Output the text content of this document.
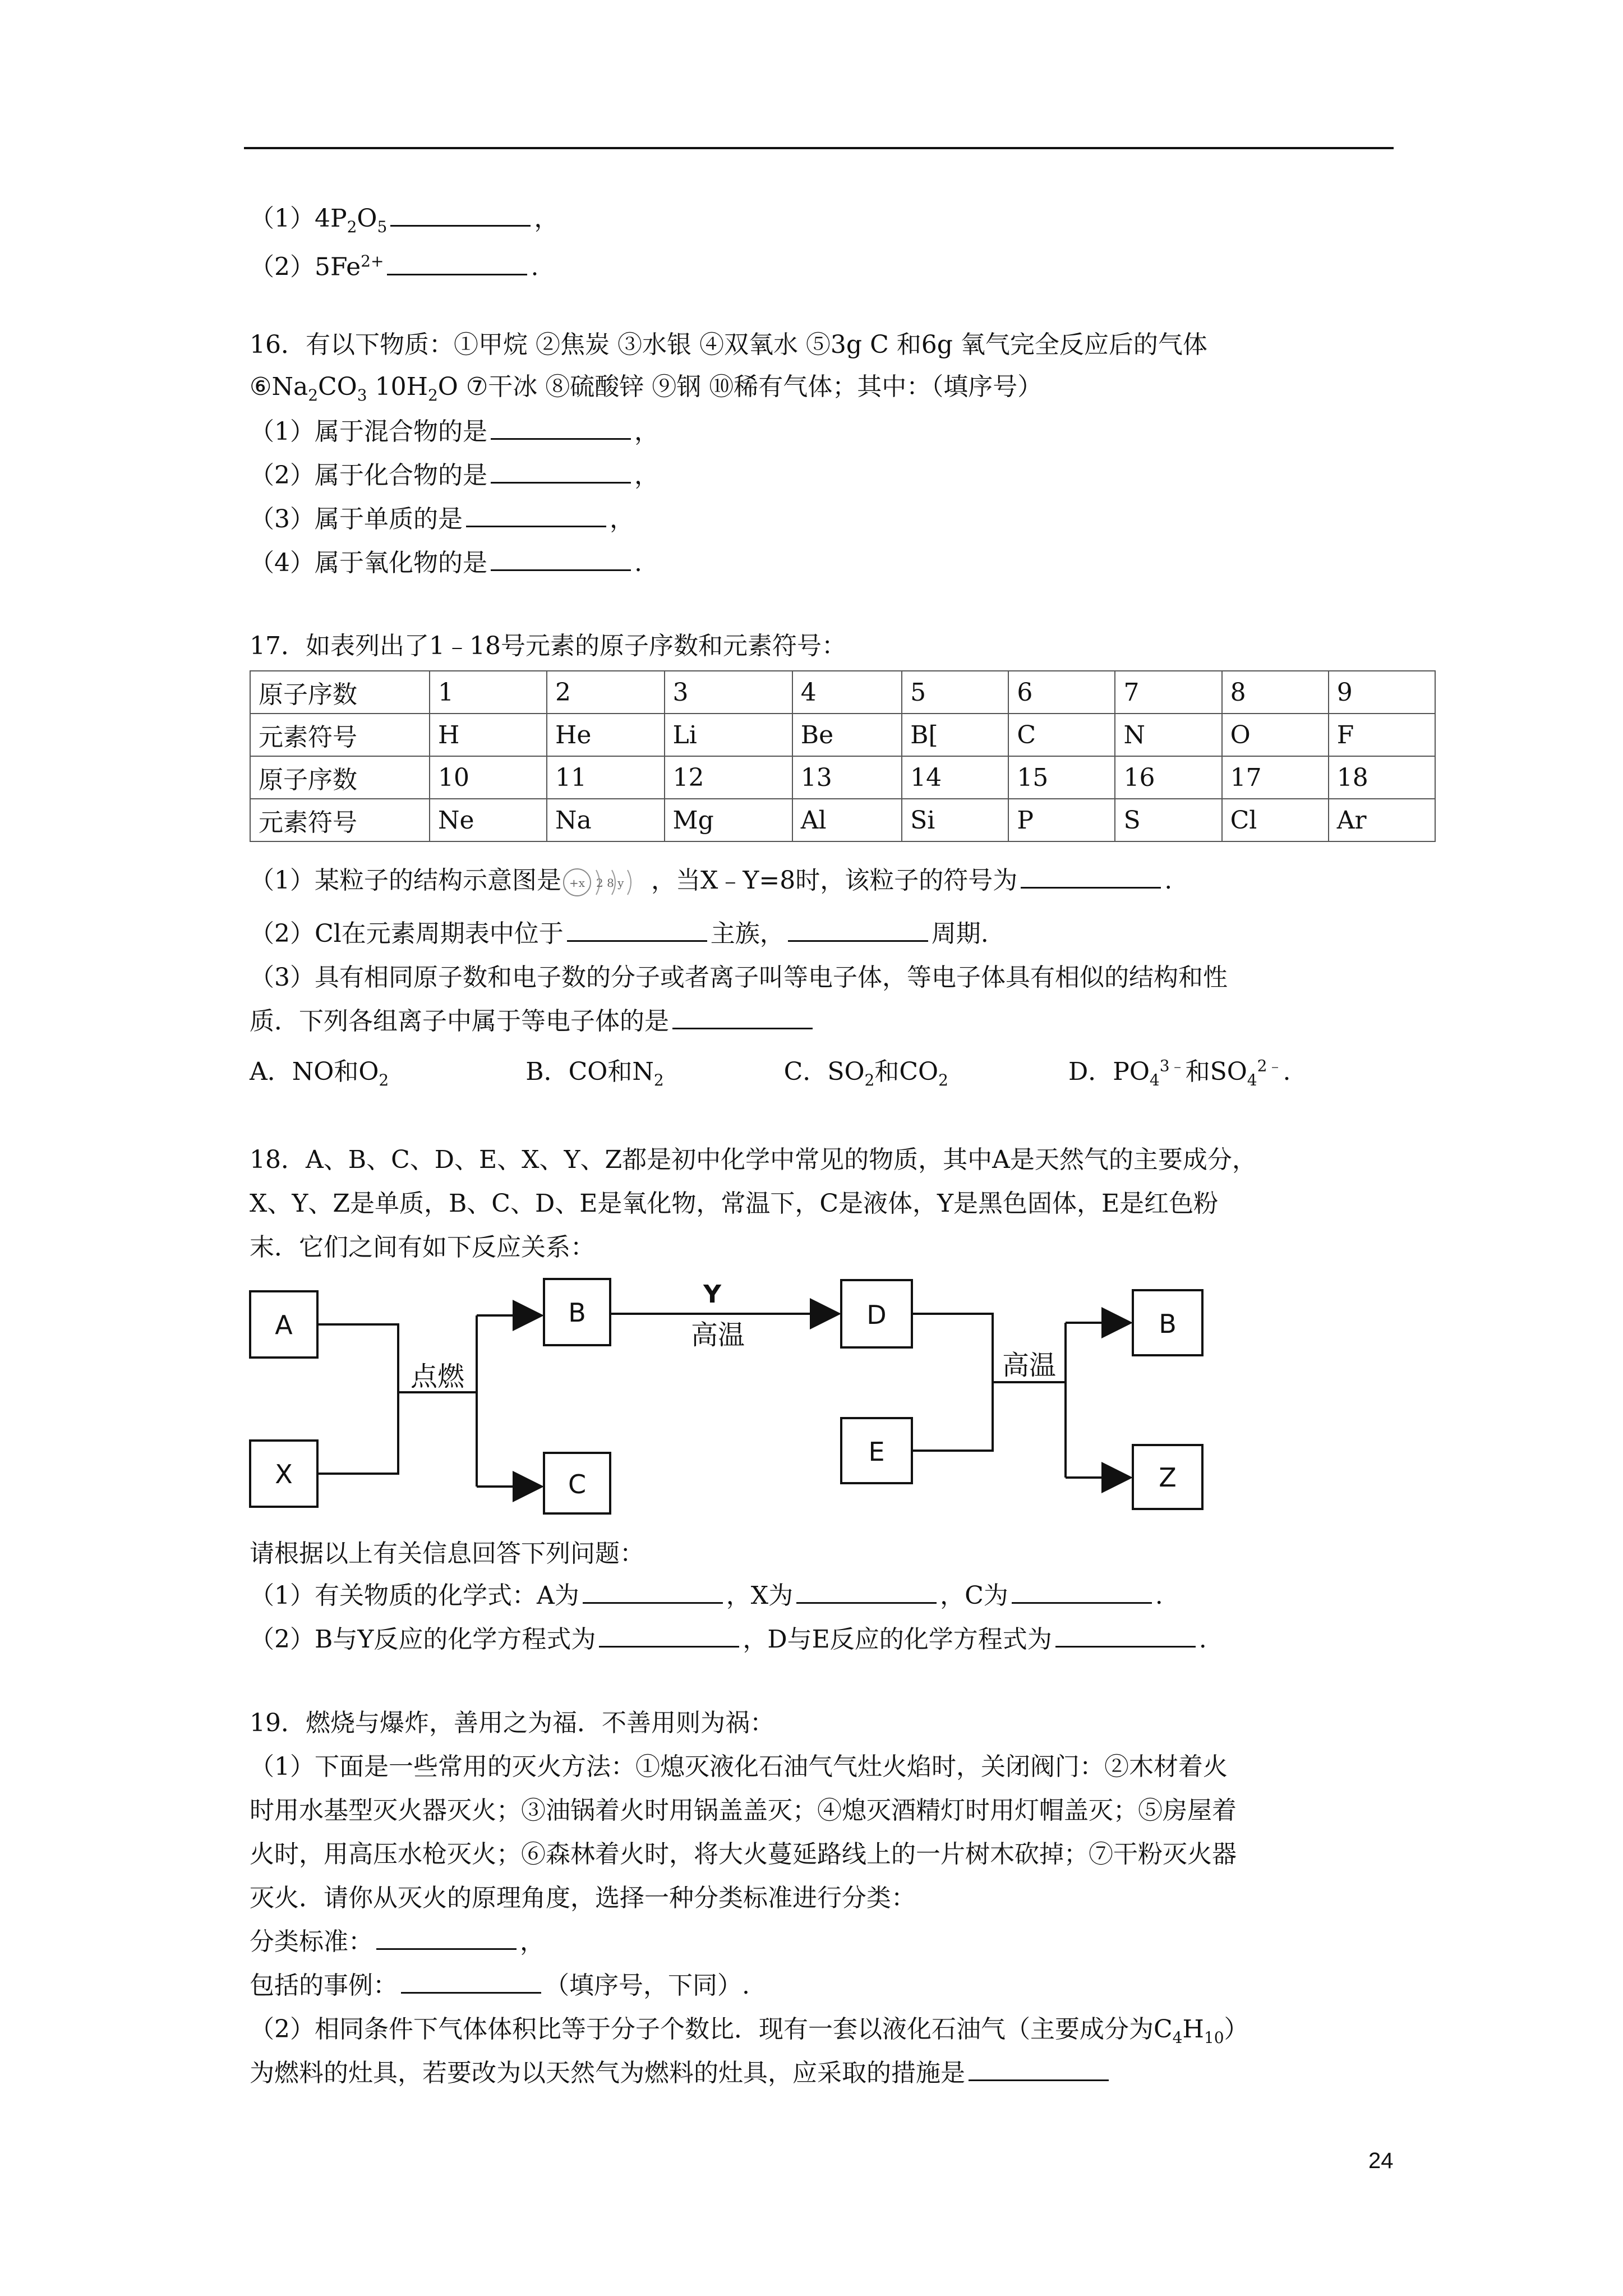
$(1)4P_2O_5$	，
$(2)5Fe^{2+}$	.
16．有以下物质：①甲烷 ②焦炭 ③水银 ④双氧水 ⑤3g C 和6g 氧气完全反应后的气体
$⑥Na_2CO_3$ $10H_2O$ ⑦干冰 ⑧硫酸锌 ⑨钢 ⑩稀有气体；其中：（填序号）
（1）属于混合物的是	，
（2）属于化合物的是	，
（3）属于单质的是	，
（4）属于氧化物的是	.
17．如表列出了1﹣18号元素的原子序数和元素符号：
原子序数	1	2	3	4	5	6	7	8	9
元素符号	H	He	Li	Be	B[	C	N	O	F
原子序数	10	11	12	13	14	15	16	17	18
元素符号	Ne	Na	Mg	Al	Si	P	S	Cl	Ar
（1）某粒子的结构示意图是 +x 2 8 y ，当X﹣Y=8时，该粒子的符号为	.
（2）Cl在元素周期表中位于	主族，	周期.
（3）具有相同原子数和电子数的分子或者离子叫等电子体，等电子体具有相似的结构和性
质．下列各组离子中属于等电子体的是
A．NO和$O_2$	B．CO和$N_2$	C．$SO_2$和$CO_2$	D．$PO_4^{3﹣}$和$SO_4^{2﹣}$.
18．A、B、C、D、E、X、Y、Z都是初中化学中常见的物质，其中A是天然气的主要成分，
X、Y、Z是单质，B、C、D、E是氧化物，常温下，C是液体，Y是黑色固体，E是红色粉
末．它们之间有如下反应关系：
A
X
B
C
D
E
B
Z
点燃
Y
高温
高温
请根据以上有关信息回答下列问题：
（1）有关物质的化学式：A为	，X为	，C为	.
（2）B与Y反应的化学方程式为	，D与E反应的化学方程式为	.
19．燃烧与爆炸，善用之为福．不善用则为祸：
（1）下面是一些常用的灭火方法：①熄灭液化石油气气灶火焰时，关闭阀门：②木材着火
时用水基型灭火器灭火；③油锅着火时用锅盖盖灭；④熄灭酒精灯时用灯帽盖灭；⑤房屋着
火时，用高压水枪灭火；⑥森林着火时，将大火蔓延路线上的一片树木砍掉；⑦干粉灭火器
灭火．请你从灭火的原理角度，选择一种分类标准进行分类：
分类标准：	，
包括的事例：	（填序号，下同）.
（2）相同条件下气体体积比等于分子个数比．现有一套以液化石油气（主要成分为$C_4H_{10}$）
为燃料的灶具，若要改为以天然气为燃料的灶具，应采取的措施是
24
